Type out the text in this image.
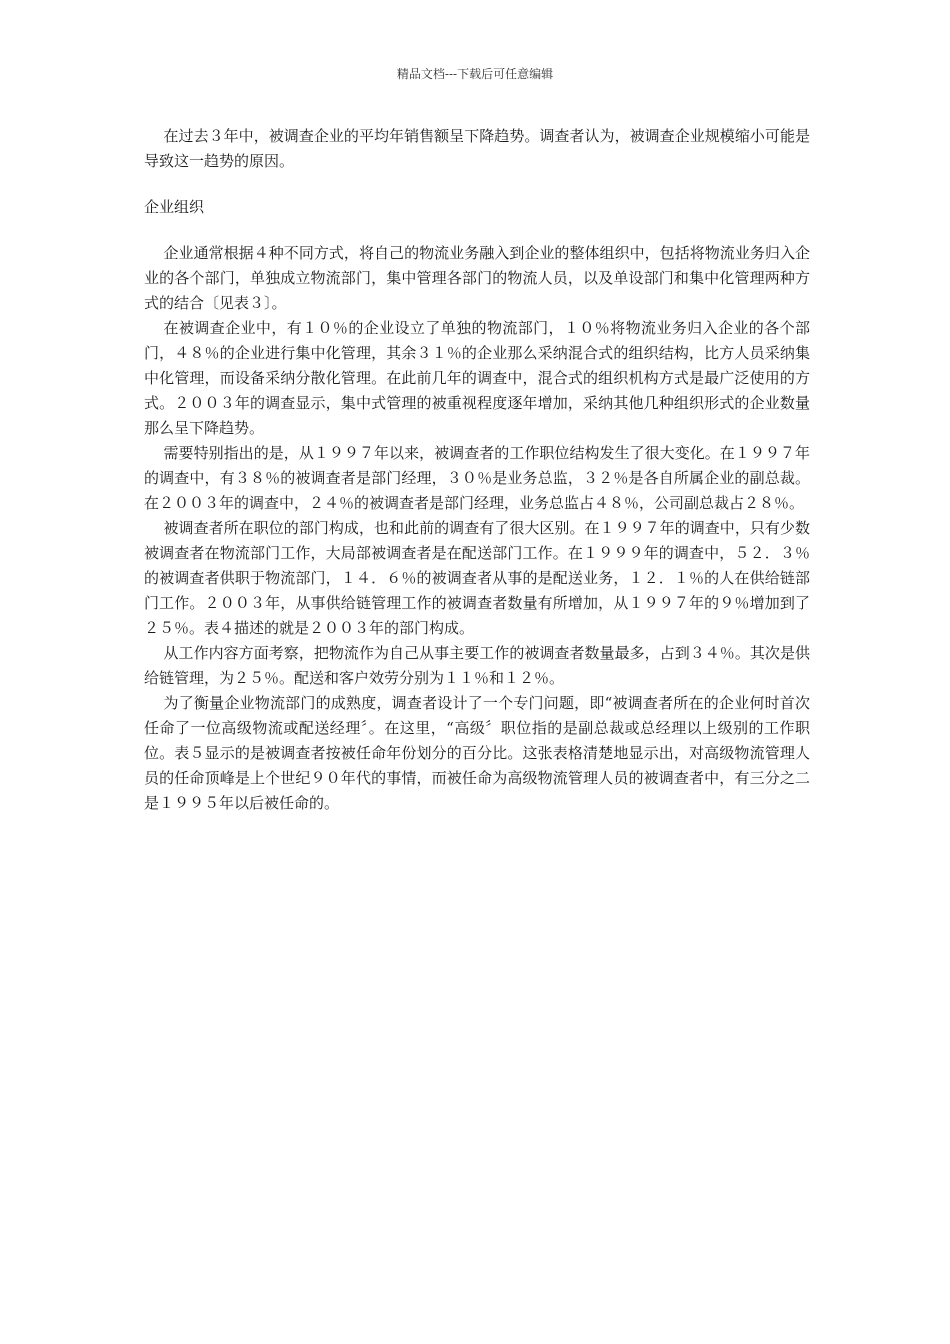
精品文档---下载后可任意编辑

在过去３年中，被调查企业的平均年销售额呈下降趋势。调查者认为，被调查企业规模缩小可能是导致这一趋势的原因。

企业组织

企业通常根据４种不同方式，将自己的物流业务融入到企业的整体组织中，包括将物流业务归入企业的各个部门，单独成立物流部门，集中管理各部门的物流人员，以及单设部门和集中化管理两种方式的结合〔见表３〕。

在被调查企业中，有１０％的企业设立了单独的物流部门，１０％将物流业务归入企业的各个部门，４８％的企业进行集中化管理，其余３１％的企业那么采纳混合式的组织结构，比方人员采纳集中化管理，而设备采纳分散化管理。在此前几年的调查中，混合式的组织机构方式是最广泛使用的方式。２００３年的调查显示，集中式管理的被重视程度逐年增加，采纳其他几种组织形式的企业数量那么呈下降趋势。

需要特别指出的是，从１９９７年以来，被调查者的工作职位结构发生了很大变化。在１９９７年的调查中，有３８％的被调查者是部门经理，３０％是业务总监，３２％是各自所属企业的副总裁。在２００３年的调查中，２４％的被调查者是部门经理，业务总监占４８％，公司副总裁占２８％。

被调查者所在职位的部门构成，也和此前的调查有了很大区别。在１９９７年的调查中，只有少数被调查者在物流部门工作，大局部被调查者是在配送部门工作。在１９９９年的调查中，５２．３％的被调查者供职于物流部门，１４．６％的被调查者从事的是配送业务，１２．１％的人在供给链部门工作。２００３年，从事供给链管理工作的被调查者数量有所增加，从１９９７年的９％增加到了２５％。表４描述的就是２００３年的部门构成。

从工作内容方面考察，把物流作为自己从事主要工作的被调查者数量最多，占到３４％。其次是供给链管理，为２５％。配送和客户效劳分别为１１％和１２％。

为了衡量企业物流部门的成熟度，调查者设计了一个专门问题，即“被调查者所在的企业何时首次任命了一位高级物流或配送经理〞。在这里，“高级〞职位指的是副总裁或总经理以上级别的工作职位。表５显示的是被调查者按被任命年份划分的百分比。这张表格清楚地显示出，对高级物流管理人员的任命顶峰是上个世纪９０年代的事情，而被任命为高级物流管理人员的被调查者中，有三分之二是１９９５年以后被任命的。
